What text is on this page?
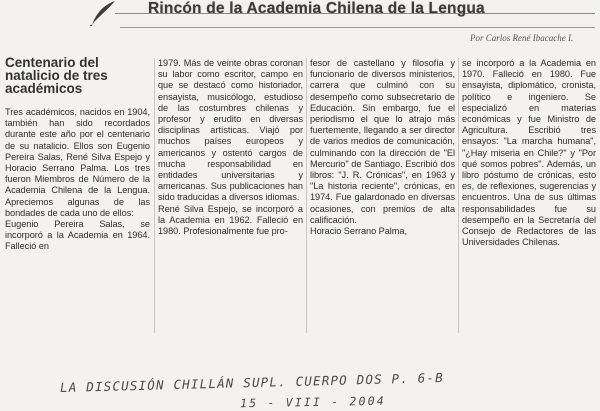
Rincón de la Academia Chilena de la Lengua
Por Carlos René Ibacache I.
Centenario del natalicio de tres académicos
Tres académicos, nacidos en 1904, también han sido recordados durante este año por el centenario de su natalicio. Ellos son Eugenio Pereira Salas, René Silva Espejo y Horacio Serrano Palma. Los tres fueron Miembros de Número de la Academia Chilena de la Lengua. Apreciemos algunas de las bondades de cada uno de ellos:
Eugenio Pereira Salas, se incorporó a la Academia en 1964. Falleció en
1979. Más de veinte obras coronan su labor como escritor, campo en que se destacó como historiador, ensayista, musicólogo, estudioso de las costumbres chilenas y profesor y erudito en diversas disciplinas artísticas. Viajó por muchos países europeos y americanos y ostentó cargos de mucha responsabilidad en entidades universitarias y americanas. Sus publicaciones han sido traducidas a diversos idiomas.
René Silva Espejo, se incorporó a la Academia en 1962. Falleció en 1980. Profesionalmente fue pro-
fesor de castellano y filosofía y funcionario de diversos ministerios, carrera que culminó con su desempeño como subsecretario de Educación. Sin embargo, fue el periodismo el que lo atrajo más fuertemente, llegando a ser director de varios medios de comunicación, culminando con la dirección de "El Mercurio" de Santiago. Escribió dos libros: "J. R. Crónicas", en 1963 y "La historia reciente", crónicas, en 1974. Fue galardonado en diversas ocasiones, con premios de alta calificación.
Horacio Serrano Palma,
se incorporó a la Academia en 1970. Falleció en 1980. Fue ensayista, diplomático, cronista, político e ingeniero. Se especializó en materias económicas y fue Ministro de Agricultura. Escribió tres ensayos: "La marcha humana", "¿Hay miseria en Chile?" y "Por qué somos pobres". Además, un libro póstumo de crónicas, esto es, de reflexiones, sugerencias y encuentros. Una de sus últimas responsabilidades fue su desempeño en la Secretaría del Consejo de Redactores de las Universidades Chilenas.
LA DISCUSIÓN CHILLÁN SUPL. CUERPO DOS P. 6-B
15 - VIII - 2004
